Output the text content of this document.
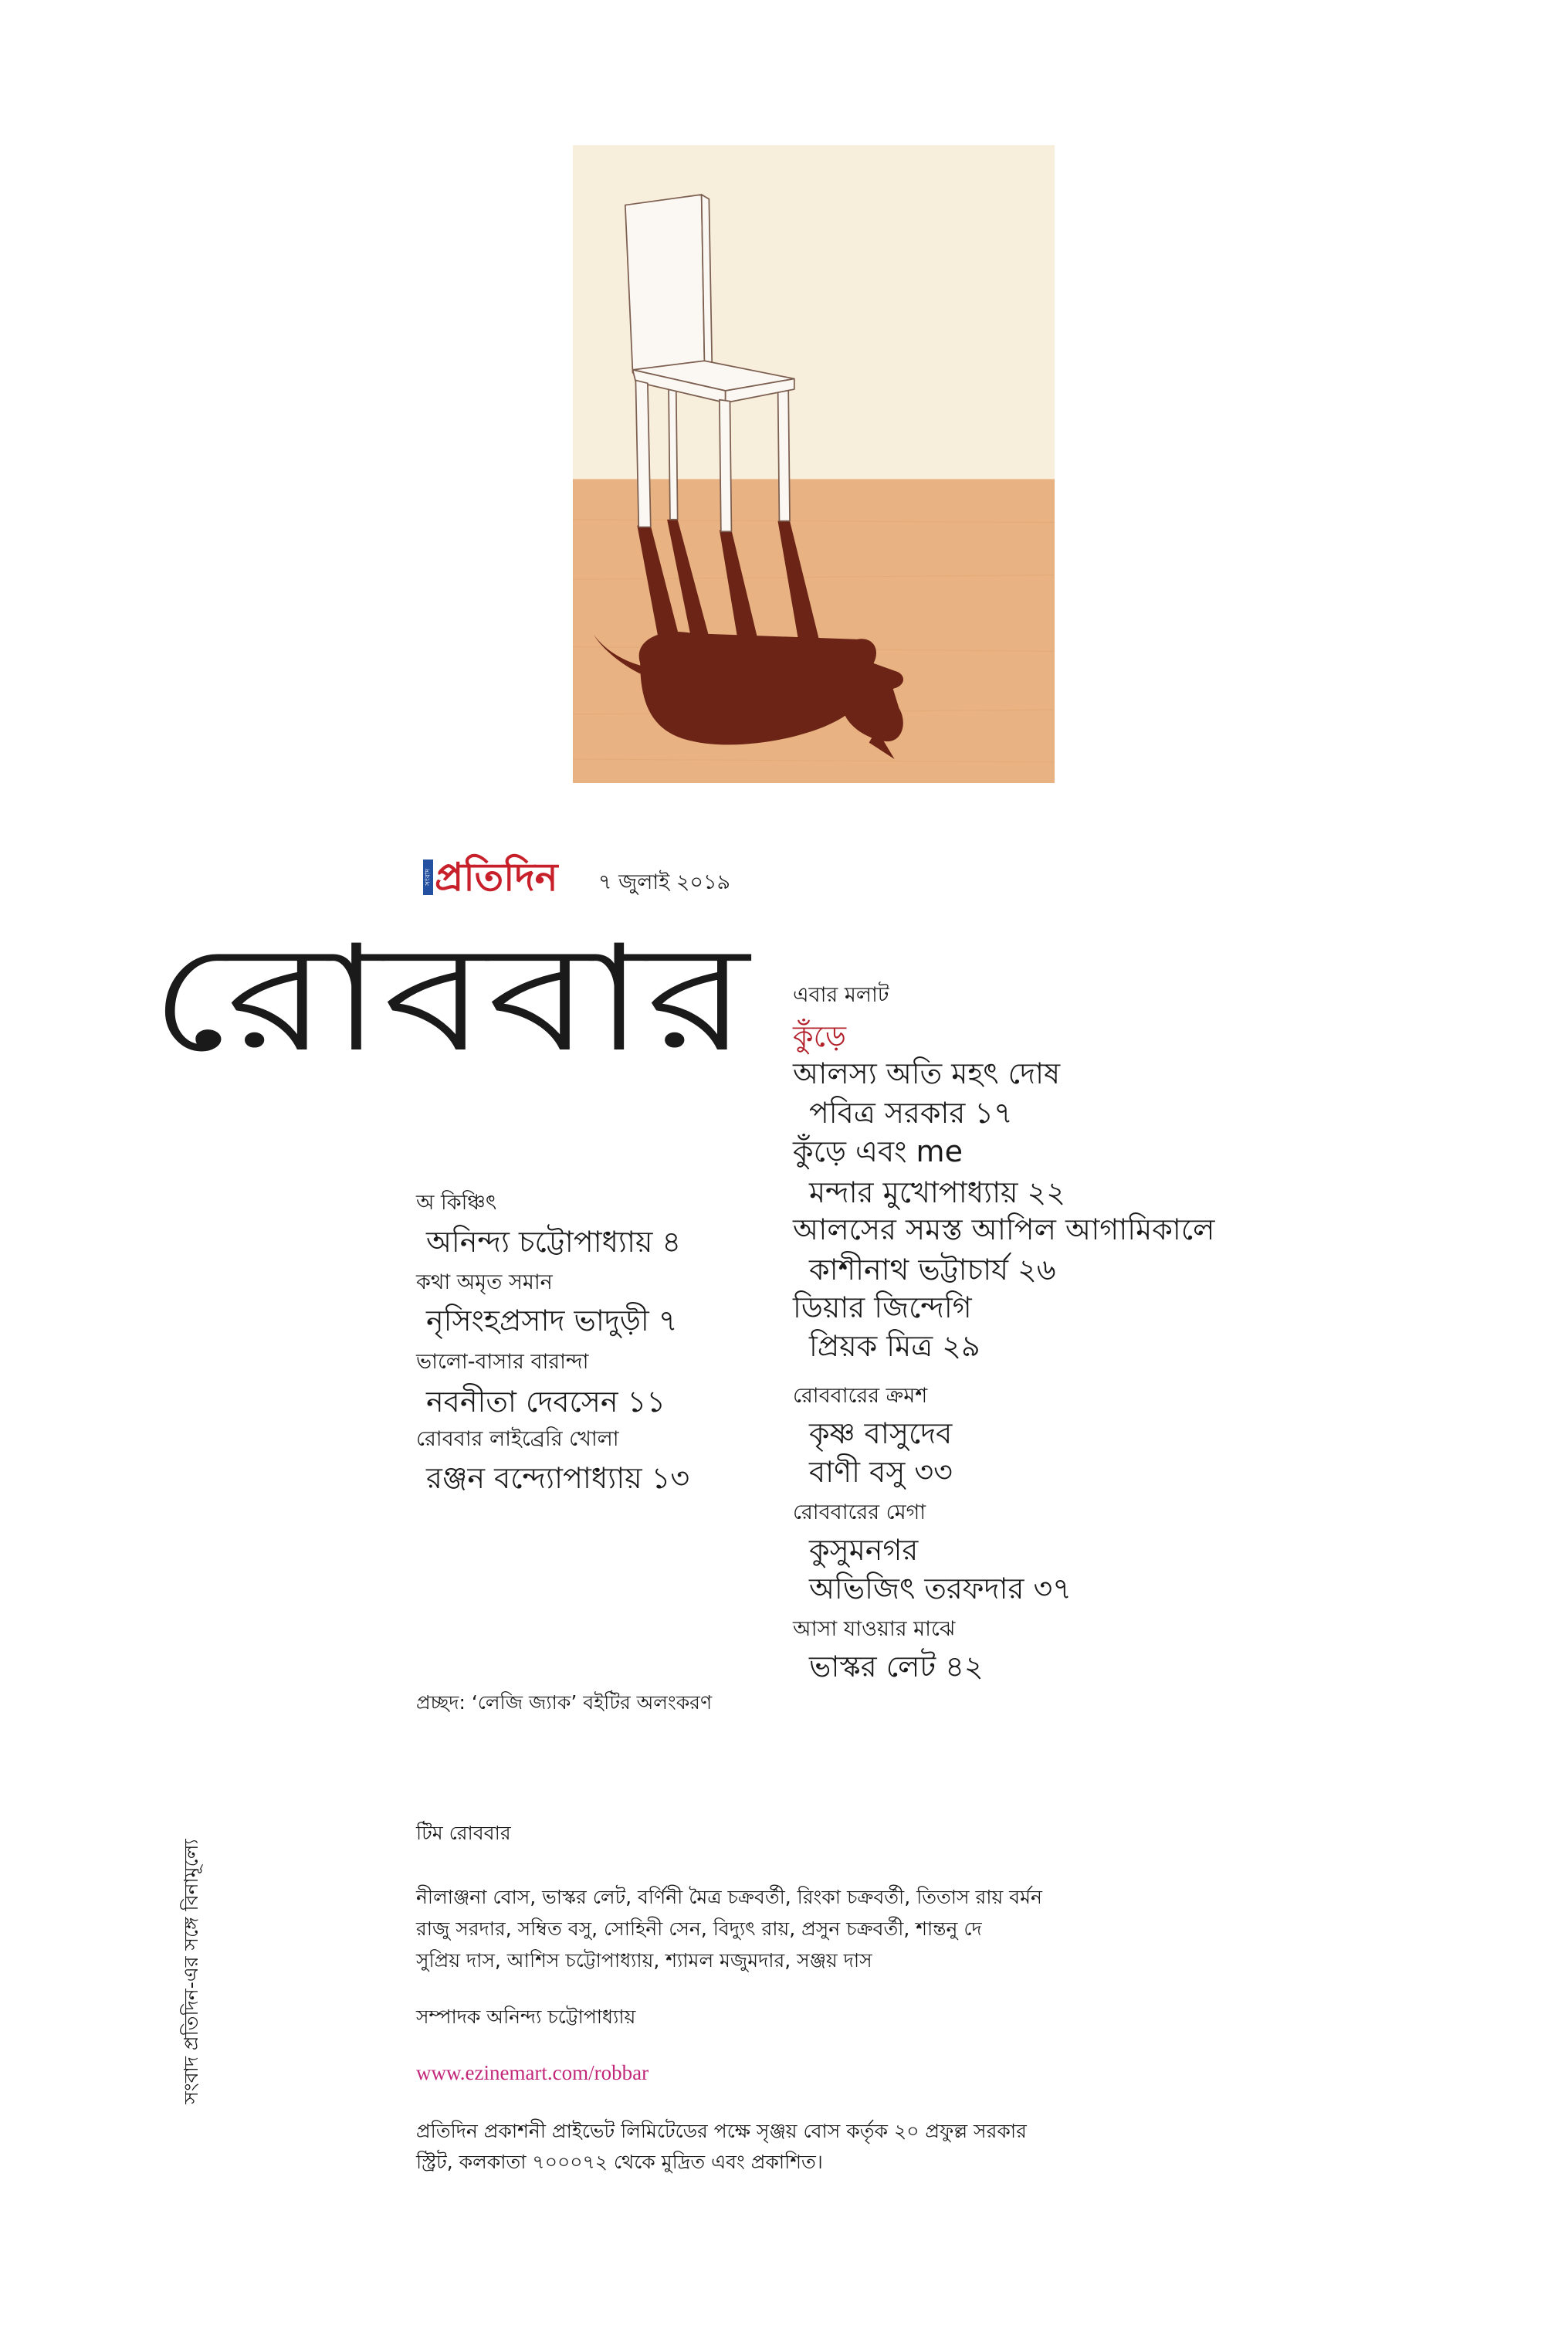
সংবাদ প্রতিদিন ৭ জুলাই ২০১৯
রোববার এবার মলাট
কুঁড়ে
আলস্য অতি মহৎ দোষ
পবিত্র সরকার ১৭
কুঁড়ে এবং me
মন্দার মুখোপাধ্যায় ২২
আলসের সমস্ত আপিল আগামিকালে
কাশীনাথ ভট্টাচার্য ২৬
ডিয়ার জিন্দেগি
প্রিয়ক মিত্র ২৯
রোববারের ক্রমশ
কৃষ্ণ বাসুদেব
বাণী বসু ৩৩
রোববারের মেগা
কুসুমনগর
অভিজিৎ তরফদার ৩৭
আসা যাওয়ার মাঝে
ভাস্কর লেট ৪২
অ কিঞ্চিৎ
অনিন্দ্য চট্টোপাধ্যায় ৪
কথা অমৃত সমান
নৃসিংহপ্রসাদ ভাদুড়ী ৭
ভালো-বাসার বারান্দা
নবনীতা দেবসেন ১১
রোববার লাইব্রেরি খোলা
রঞ্জন বন্দ্যোপাধ্যায় ১৩
প্রচ্ছদ: ‘লেজি জ্যাক’ বইটির অলংকরণ
টিম রোববার
নীলাঞ্জনা বোস, ভাস্কর লেট, বর্ণিনী মৈত্র চক্রবর্তী, রিংকা চক্রবর্তী, তিতাস রায় বর্মন
রাজু সরদার, সম্বিত বসু, সোহিনী সেন, বিদ্যুৎ রায়, প্রসুন চক্রবর্তী, শান্তনু দে
সুপ্রিয় দাস, আশিস চট্টোপাধ্যায়, শ্যামল মজুমদার, সঞ্জয় দাস
সম্পাদক অনিন্দ্য চট্টোপাধ্যায়
www.ezinemart.com/robbar
প্রতিদিন প্রকাশনী প্রাইভেট লিমিটেডের পক্ষে সৃঞ্জয় বোস কর্তৃক ২০ প্রফুল্ল সরকার
স্ট্রিট, কলকাতা ৭০০০৭২ থেকে মুদ্রিত এবং প্রকাশিত।
সংবাদ প্রতিদিন-এর সঙ্গে বিনামূল্যে
